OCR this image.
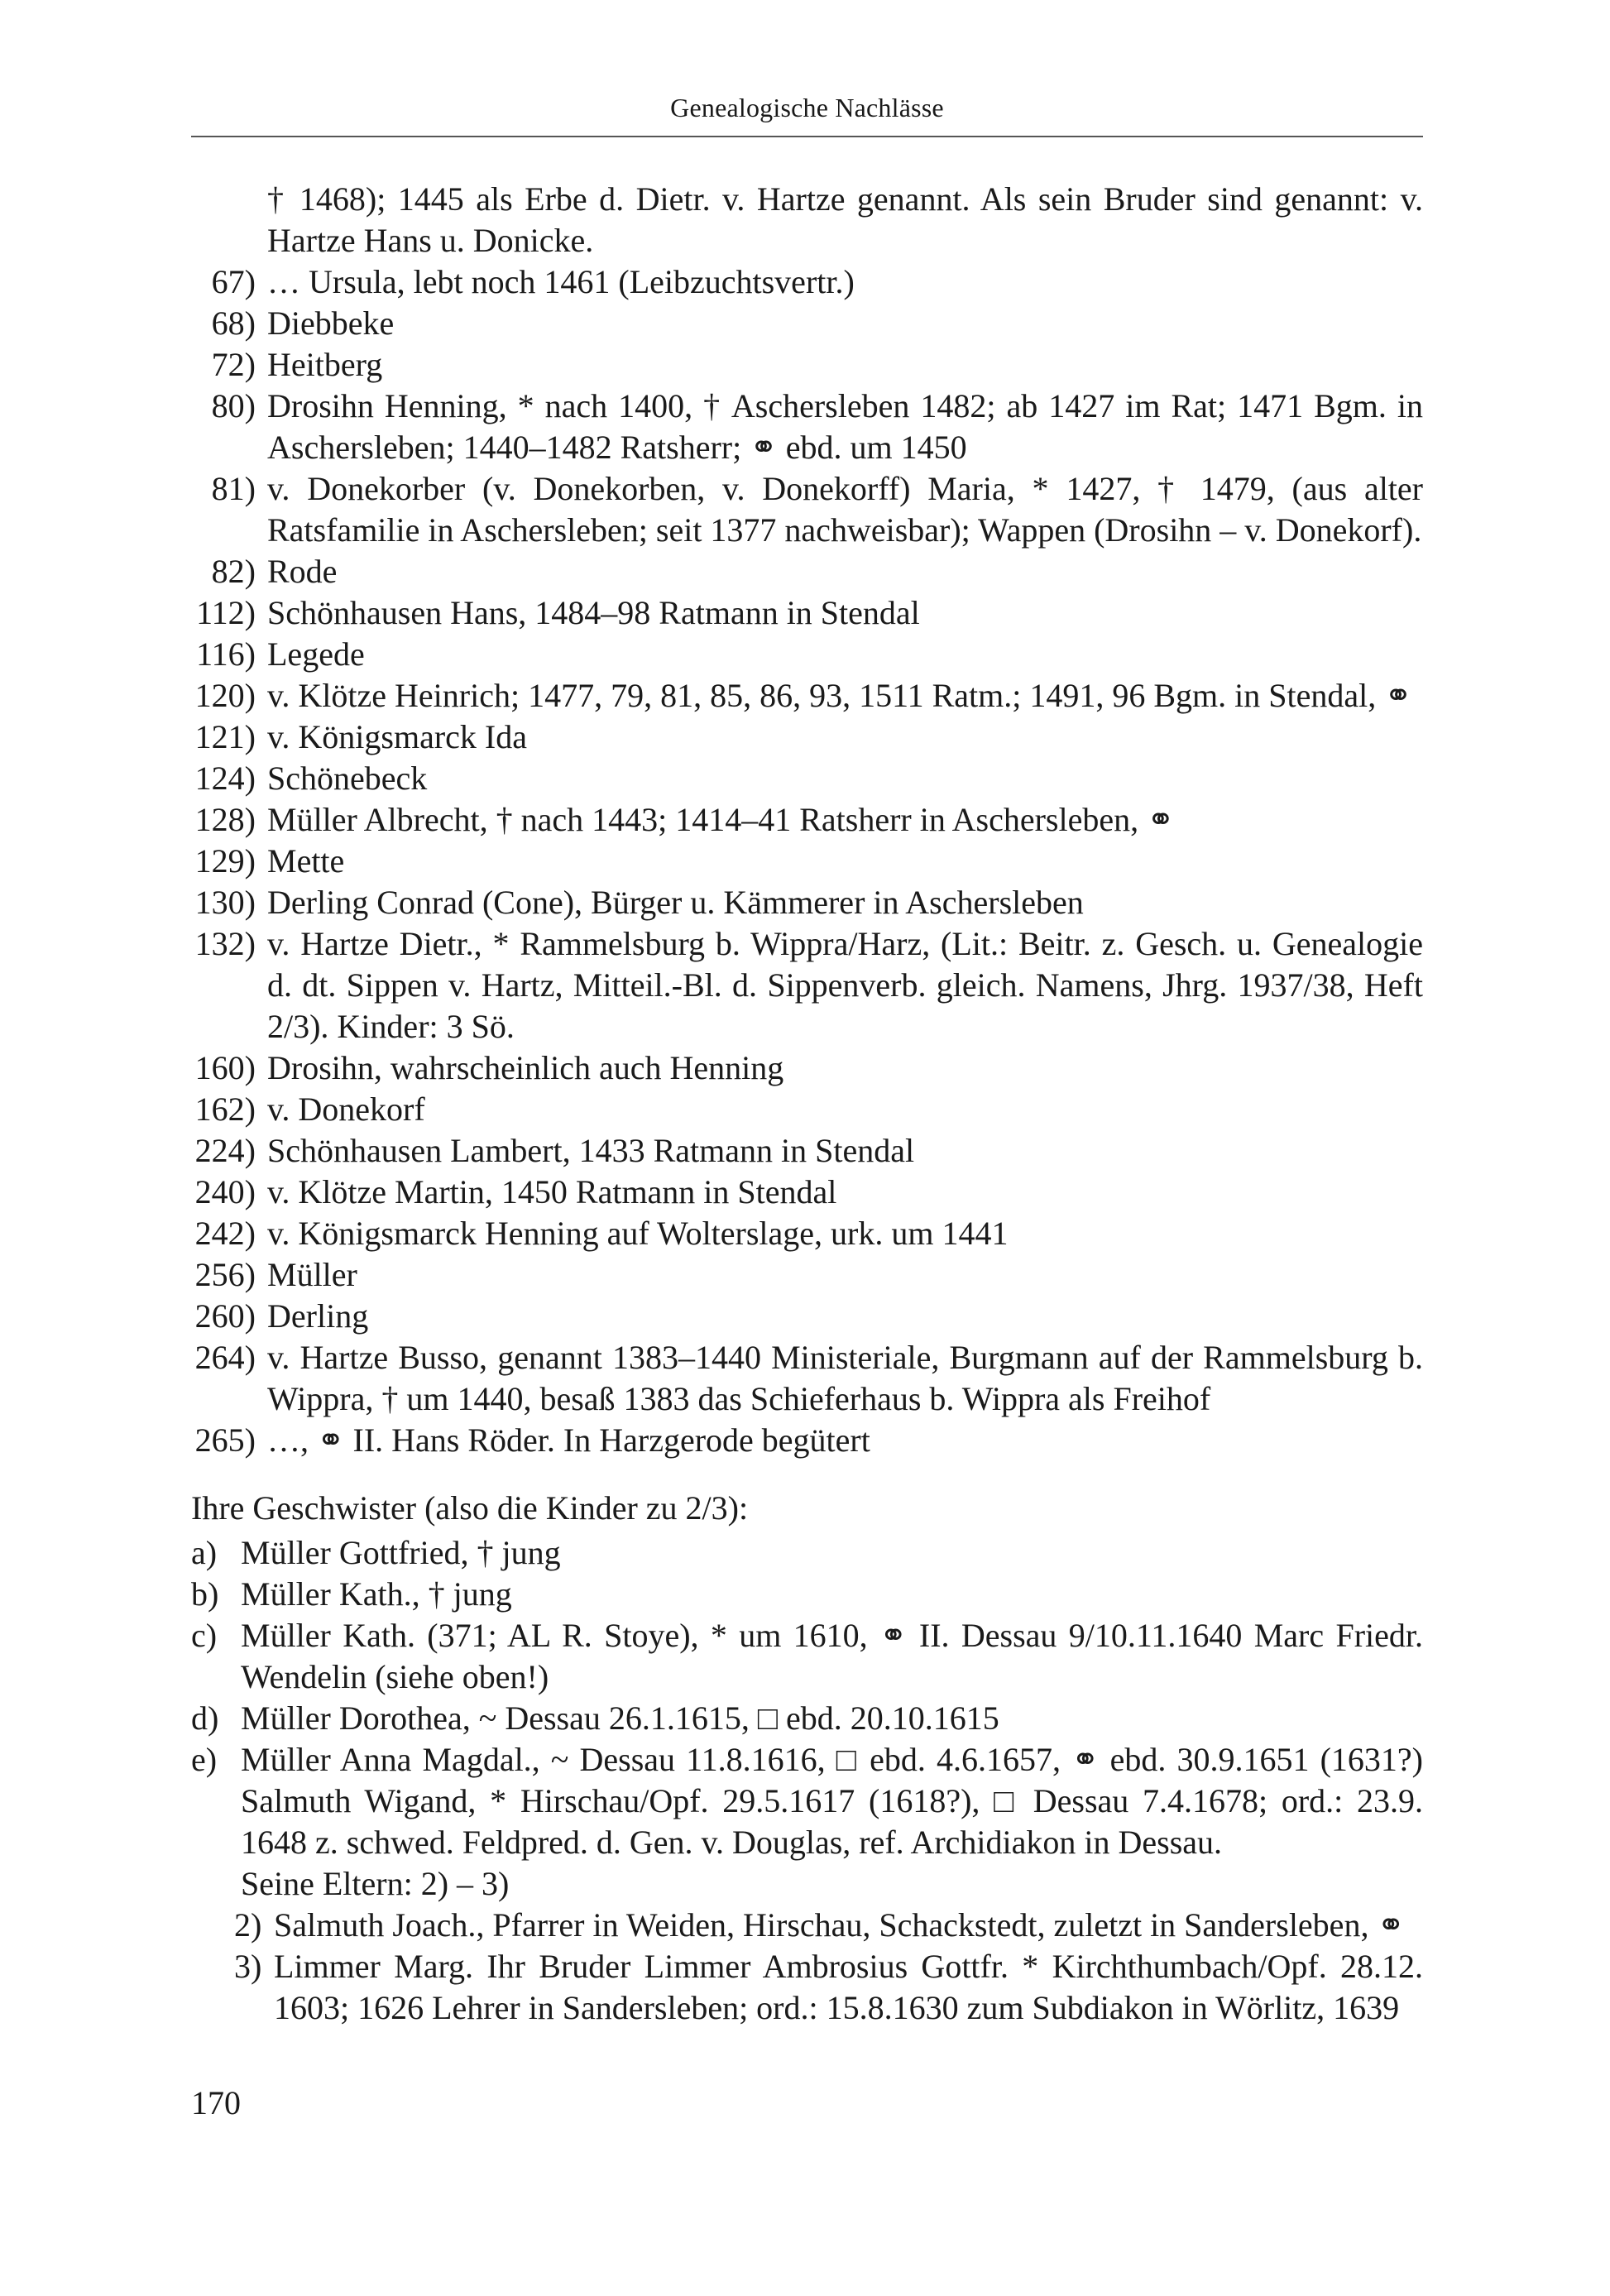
Genealogische Nachlässe
† 1468); 1445 als Erbe d. Dietr. v. Hartze genannt. Als sein Bruder sind genannt: v. Hartze Hans u. Donicke.
67) … Ursula, lebt noch 1461 (Leibzuchtsvertr.)
68) Diebbeke
72) Heitberg
80) Drosihn Henning, * nach 1400, † Aschersleben 1482; ab 1427 im Rat; 1471 Bgm. in Aschersleben; 1440–1482 Ratsherr; ⚭ ebd. um 1450
81) v. Donekorber (v. Donekorben, v. Donekorff) Maria, * 1427, † 1479, (aus alter Ratsfamilie in Aschersleben; seit 1377 nachweisbar); Wappen (Drosihn – v. Donekorf).
82) Rode
112) Schönhausen Hans, 1484–98 Ratmann in Stendal
116) Legede
120) v. Klötze Heinrich; 1477, 79, 81, 85, 86, 93, 1511 Ratm.; 1491, 96 Bgm. in Stendal, ⚭
121) v. Königsmarck Ida
124) Schönebeck
128) Müller Albrecht, † nach 1443; 1414–41 Ratsherr in Aschersleben, ⚭
129) Mette
130) Derling Conrad (Cone), Bürger u. Kämmerer in Aschersleben
132) v. Hartze Dietr., * Rammelsburg b. Wippra/Harz, (Lit.: Beitr. z. Gesch. u. Genealogie d. dt. Sippen v. Hartz, Mitteil.-Bl. d. Sippenverb. gleich. Namens, Jhrg. 1937/38, Heft 2/3). Kinder: 3 Sö.
160) Drosihn, wahrscheinlich auch Henning
162) v. Donekorf
224) Schönhausen Lambert, 1433 Ratmann in Stendal
240) v. Klötze Martin, 1450 Ratmann in Stendal
242) v. Königsmarck Henning auf Wolterslage, urk. um 1441
256) Müller
260) Derling
264) v. Hartze Busso, genannt 1383–1440 Ministeriale, Burgmann auf der Rammelsburg b. Wippra, † um 1440, besaß 1383 das Schieferhaus b. Wippra als Freihof
265) …, ⚭ II. Hans Röder. In Harzgerode begütert
Ihre Geschwister (also die Kinder zu 2/3):
a) Müller Gottfried, † jung
b) Müller Kath., † jung
c) Müller Kath. (371; AL R. Stoye), * um 1610, ⚭ II. Dessau 9/10.11.1640 Marc Friedr. Wendelin (siehe oben!)
d) Müller Dorothea, ~ Dessau 26.1.1615, □ ebd. 20.10.1615
e) Müller Anna Magdal., ~ Dessau 11.8.1616, □ ebd. 4.6.1657, ⚭ ebd. 30.9.1651 (1631?) Salmuth Wigand, * Hirschau/Opf. 29.5.1617 (1618?), □ Dessau 7.4.1678; ord.: 23.9. 1648 z. schwed. Feldpred. d. Gen. v. Douglas, ref. Archidiakon in Dessau.
Seine Eltern: 2) – 3)
2) Salmuth Joach., Pfarrer in Weiden, Hirschau, Schackstedt, zuletzt in Sandersleben, ⚭
3) Limmer Marg. Ihr Bruder Limmer Ambrosius Gottfr. * Kirchthumbach/Opf. 28.12. 1603; 1626 Lehrer in Sandersleben; ord.: 15.8.1630 zum Subdiakon in Wörlitz, 1639
170
